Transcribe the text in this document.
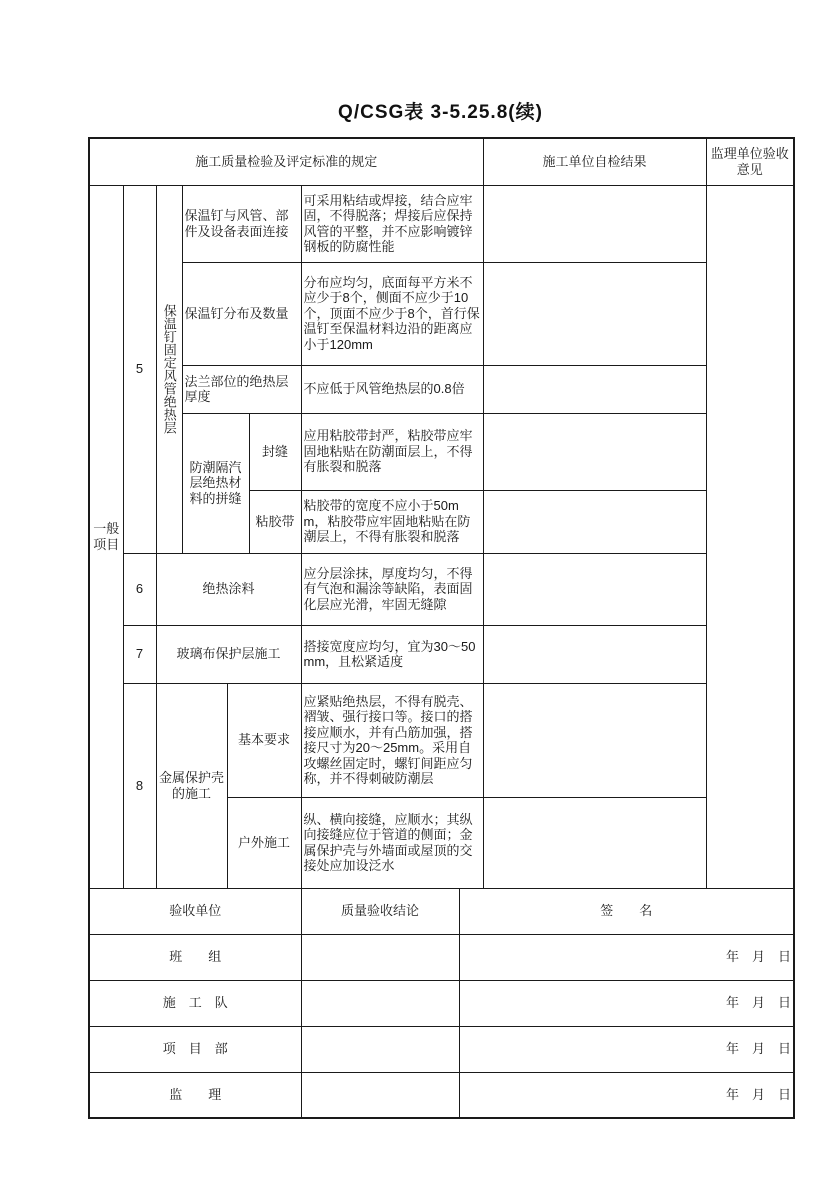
Q/CSG表 3-5.25.8(续)
施工质量检验及评定标准的规定								施工单位自检结果	监理单位验收意见
一般项目	5	保温钉固定风管绝热层	保温钉与风管、部件及设备表面连接			可采用粘结或焊接，结合应牢固，不得脱落；焊接后应保持风管的平整，并不应影响镀锌钢板的防腐性能			
			保温钉分布及数量			分布应均匀，底面每平方米不应少于8个，侧面不应少于10个，顶面不应少于8个，首行保温钉至保温材料边沿的距离应小于120mm			
			法兰部位的绝热层厚度			不应低于风管绝热层的0.8倍			
			防潮隔汽层绝热材料的拼缝		封缝	应用粘胶带封严，粘胶带应牢固地粘贴在防潮面层上，不得有胀裂和脱落			
					粘胶带	粘胶带的宽度不应小于50mm，粘胶带应牢固地粘贴在防潮层上，不得有胀裂和脱落			
	6	绝热涂料				应分层涂抹，厚度均匀，不得有气泡和漏涂等缺陷，表面固化层应光滑，牢固无缝隙			
	7	玻璃布保护层施工				搭接宽度应均匀，宜为30～50mm，且松紧适度			
	8	金属保护壳的施工		基本要求		应紧贴绝热层，不得有脱壳、褶皱、强行接口等。接口的搭接应顺水，并有凸筋加强，搭接尺寸为20～25mm。采用自攻螺丝固定时，螺钉间距应匀称，并不得刺破防潮层			
				户外施工		纵、横向接缝，应顺水；其纵向接缝应位于管道的侧面；金属保护壳与外墙面或屋顶的交接处应加设泛水			
验收单位						质量验收结论	签　　名		
班　　组							年　月　日		
施　工　队							年　月　日		
项　目　部							年　月　日		
监　　理							年　月　日		
